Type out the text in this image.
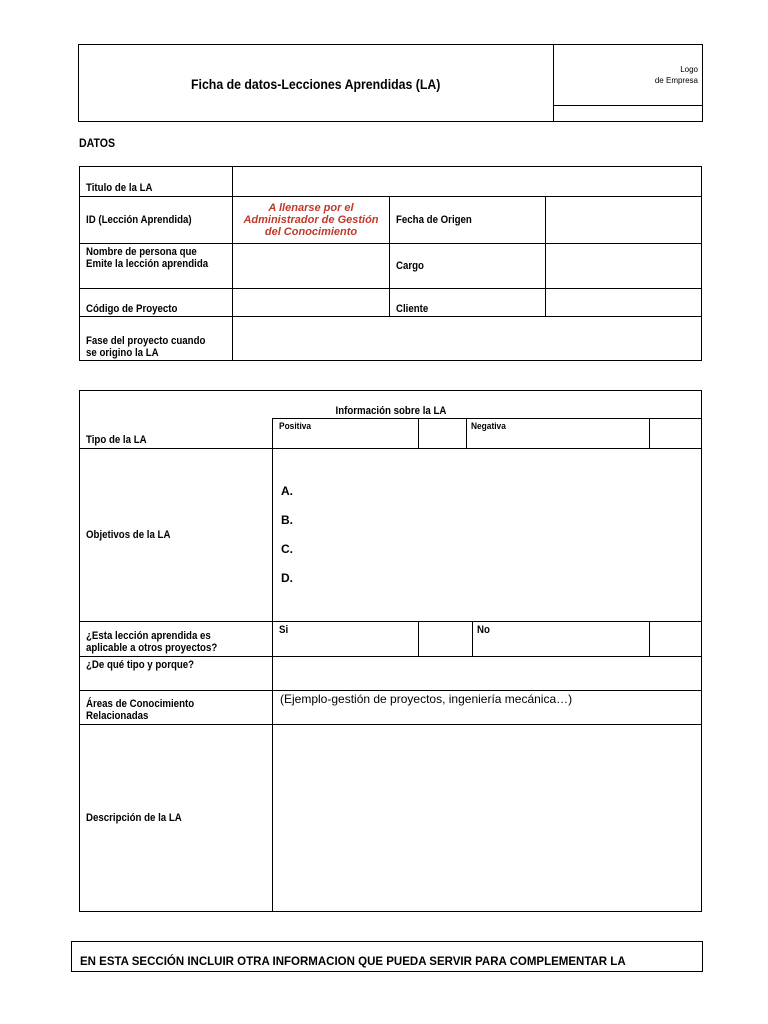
Ficha de datos-Lecciones Aprendidas (LA)
Logo
de Empresa
DATOS
Titulo de la LA			
ID (Lección Aprendida)	A llenarse por el
Administrador de Gestión
del Conocimiento	Fecha de Origen	
Nombre de persona que
Emite la lección aprendida		Cargo	
Código de Proyecto		Cliente	
Fase del proyecto cuando
se origino la LA			
Información sobre la LA					
Tipo de la LA	Positiva		Negativa		
Objetivos de la LA	A.
B.
C.
D.				

¿Esta lección aprendida es
aplicable a otros proyectos?	Si			No	
¿De qué tipo y porque?					
Áreas de Conocimiento
Relacionadas	(Ejemplo-gestión de proyectos, ingeniería mecánica…)				
Descripción de la LA					
EN ESTA SECCIÓN INCLUIR OTRA INFORMACION QUE PUEDA SERVIR PARA COMPLEMENTAR LA
